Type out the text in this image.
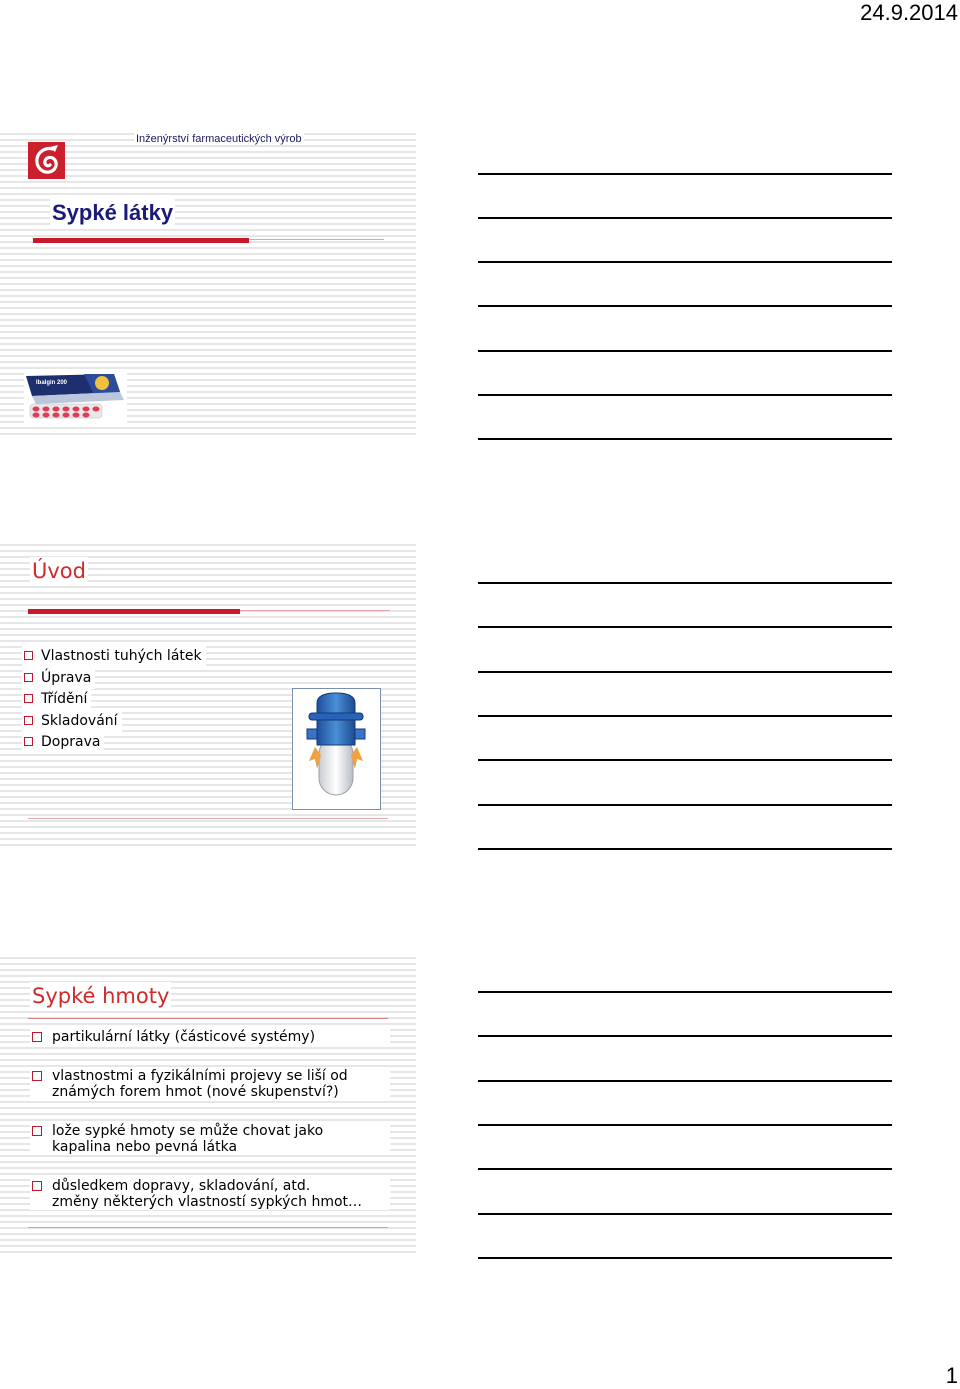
24.9.2014
Inženýrství farmaceutických výrob
Sypké látky
Ibalgin 200
Úvod
Vlastnosti tuhých látek
Úprava
Třídění
Skladování
Doprava
Sypké hmoty
partikulární látky (částicové systémy)
vlastnostmi a fyzikálními projevy se liší od
známých forem hmot (nové skupenství?)
lože sypké hmoty se může chovat jako
kapalina nebo pevná látka
důsledkem dopravy, skladování, atd.
změny některých vlastností sypkých hmot…
1
